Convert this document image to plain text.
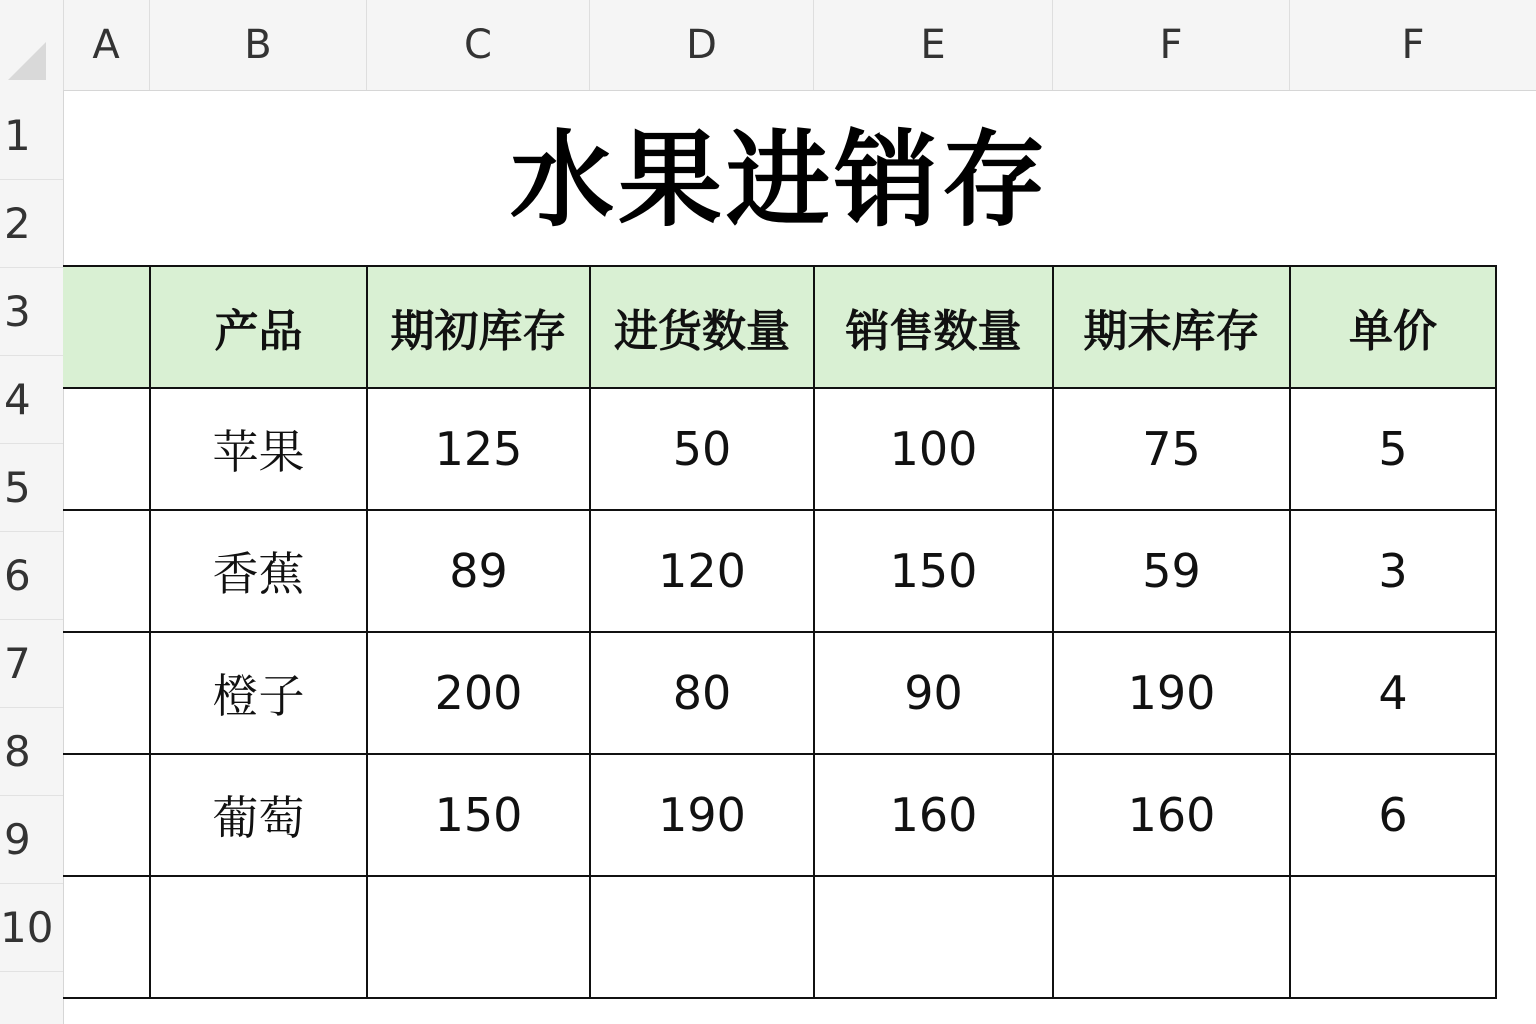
A	B	C	D	E	F	F
1
2
3
4
5
6
7
8
9
10
水果进销存
	产品	期初库存	进货数量	销售数量	期末库存	单价
	苹果	125	50	100	75	5
	香蕉	89	120	150	59	3
	橙子	200	80	90	190	4
	葡萄	150	190	160	160	6
